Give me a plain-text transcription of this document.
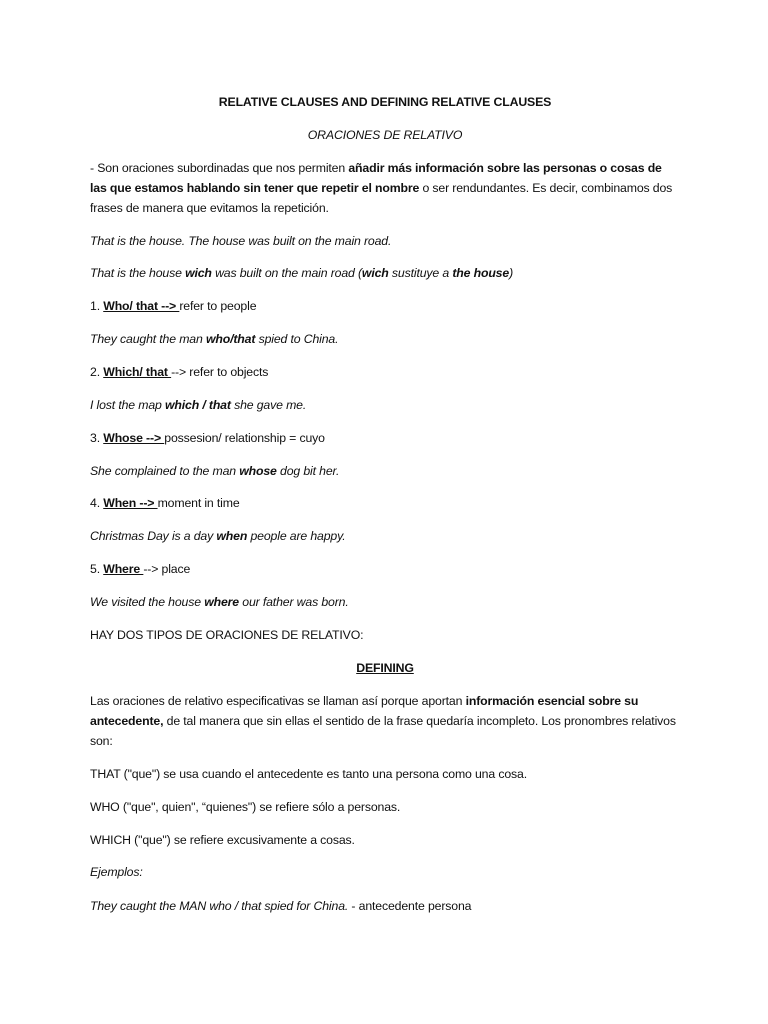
RELATIVE CLAUSES AND DEFINING RELATIVE CLAUSES
ORACIONES DE RELATIVO

- Son oraciones subordinadas que nos permiten añadir más información sobre las personas o cosas de las que estamos hablando sin tener que repetir el nombre o ser rendundantes. Es decir, combinamos dos frases de manera que evitamos la repetición.

That is the house. The house was built on the main road.

That is the house wich was built on the main road (wich sustituye a the house)

1. Who/ that --> refer to people

They caught the man who/that spied to China.

2. Which/ that --> refer to objects

I lost the map which / that she gave me.

3. Whose --> possesion/ relationship = cuyo

She complained to the man whose dog bit her.

4. When --> moment in time

Christmas Day is a day when people are happy.

5. Where --> place

We visited the house where our father was born.

HAY DOS TIPOS DE ORACIONES DE RELATIVO:

DEFINING

Las oraciones de relativo especificativas se llaman así porque aportan información esencial sobre su antecedente, de tal manera que sin ellas el sentido de la frase quedaría incompleto. Los pronombres relativos son:

THAT ("que") se usa cuando el antecedente es tanto una persona como una cosa.

WHO ("que", quien", “quienes") se refiere sólo a personas.

WHICH ("que") se refiere excusivamente a cosas.

Ejemplos:

They caught the MAN who / that spied for China. - antecedente persona
